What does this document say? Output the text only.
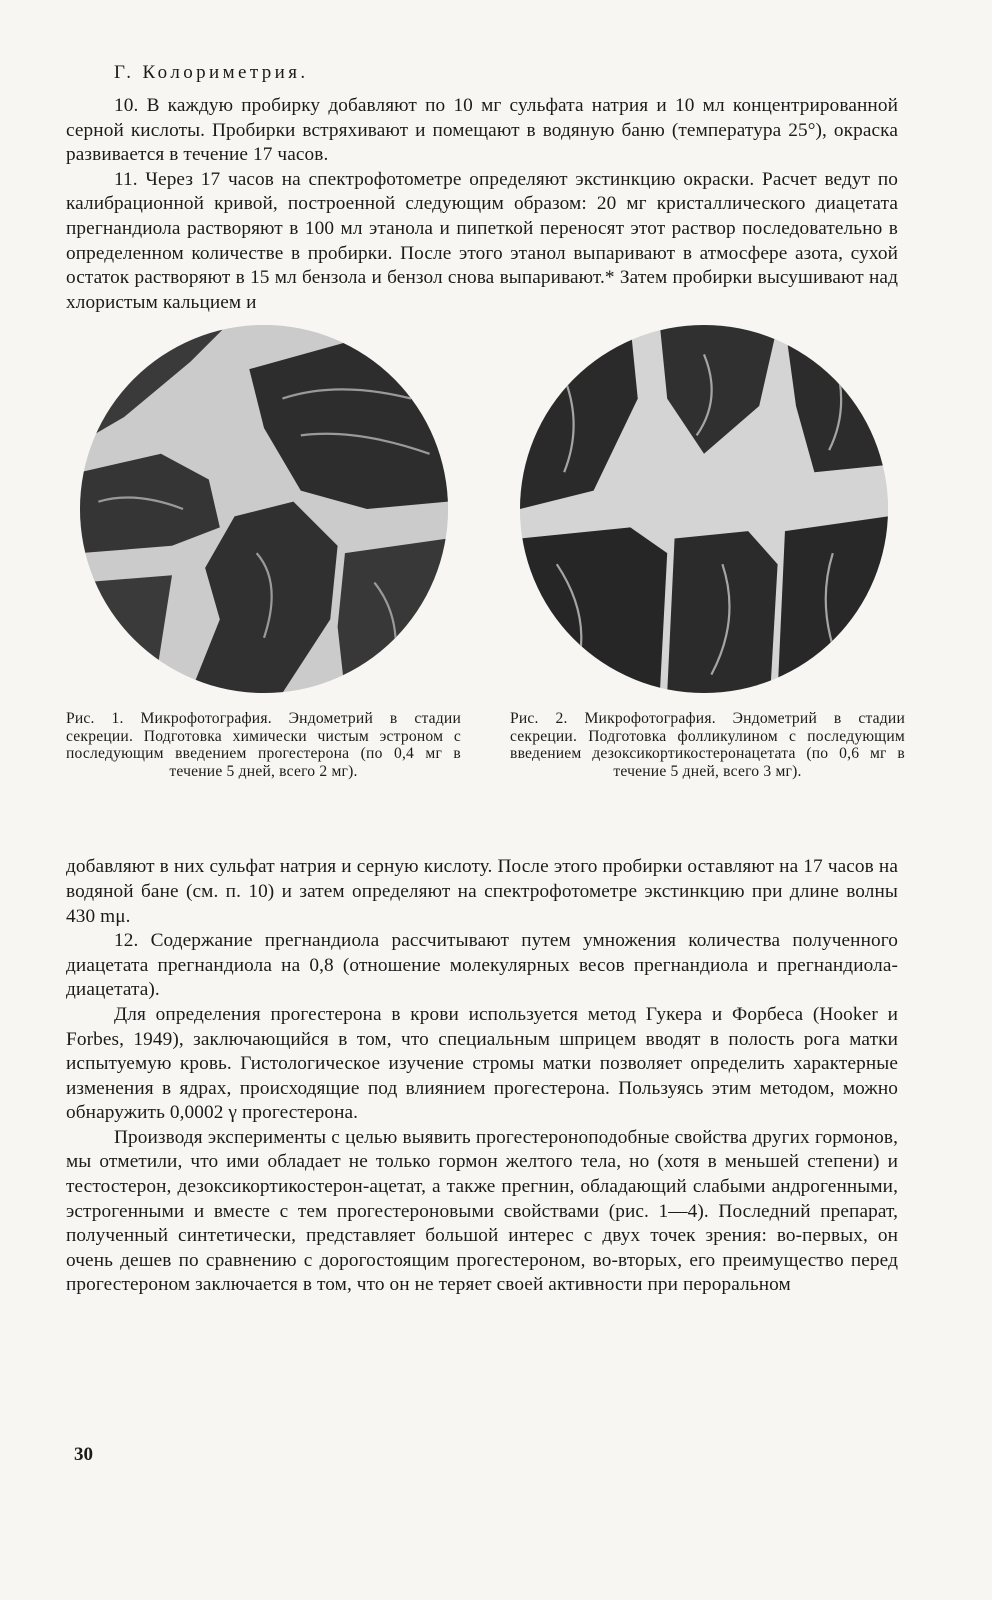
Г. Колориметрия.

10. В каждую пробирку добавляют по 10 мг сульфата натрия и 10 мл концентрированной серной кислоты. Пробирки встряхивают и помещают в водяную баню (температура 25°), окраска развивается в течение 17 часов.

11. Через 17 часов на спектрофотометре определяют экстинкцию окраски. Расчет ведут по калибрационной кривой, построенной следующим образом: 20 мг кристаллического диацетата прегнандиола растворяют в 100 мл этанола и пипеткой переносят этот раствор последовательно в определенном количестве в пробирки. После этого этанол выпаривают в атмосфере азота, сухой остаток растворяют в 15 мл бензола и бензол снова выпаривают.* Затем пробирки высушивают над хлористым кальцием и

Рис. 1. Микрофотография. Эндометрий в стадии секреции. Подготовка химически чистым эстроном с последующим введением прогестерона (по 0,4 мг в течение 5 дней, всего 2 мг).
Рис. 2. Микрофотография. Эндометрий в стадии секреции. Подготовка фолликулином с последующим введением дезоксикортикостеронацетата (по 0,6 мг в течение 5 дней, всего 3 мг).

добавляют в них сульфат натрия и серную кислоту. После этого пробирки оставляют на 17 часов на водяной бане (см. п. 10) и затем определяют на спектрофотометре экстинкцию при длине волны 430 mμ.

12. Содержание прегнандиола рассчитывают путем умножения количества полученного диацетата прегнандиола на 0,8 (отношение молекулярных весов прегнандиола и прегнандиола-диацетата).

Для определения прогестерона в крови используется метод Гукера и Форбеса (Hooker и Forbes, 1949), заключающийся в том, что специальным шприцем вводят в полость рога матки испытуемую кровь. Гистологическое изучение стромы матки позволяет определить характерные изменения в ядрах, происходящие под влиянием прогестерона. Пользуясь этим методом, можно обнаружить 0,0002 γ прогестерона.

Производя эксперименты с целью выявить прогестероноподобные свойства других гормонов, мы отметили, что ими обладает не только гормон желтого тела, но (хотя в меньшей степени) и тестостерон, дезоксикортикостерон-ацетат, а также прегнин, обладающий слабыми андрогенными, эстрогенными и вместе с тем прогестероновыми свойствами (рис. 1—4). Последний препарат, полученный синтетически, представляет большой интерес с двух точек зрения: во-первых, он очень дешев по сравнению с дорогостоящим прогестероном, во-вторых, его преимущество перед прогестероном заключается в том, что он не теряет своей активности при пероральном

30
